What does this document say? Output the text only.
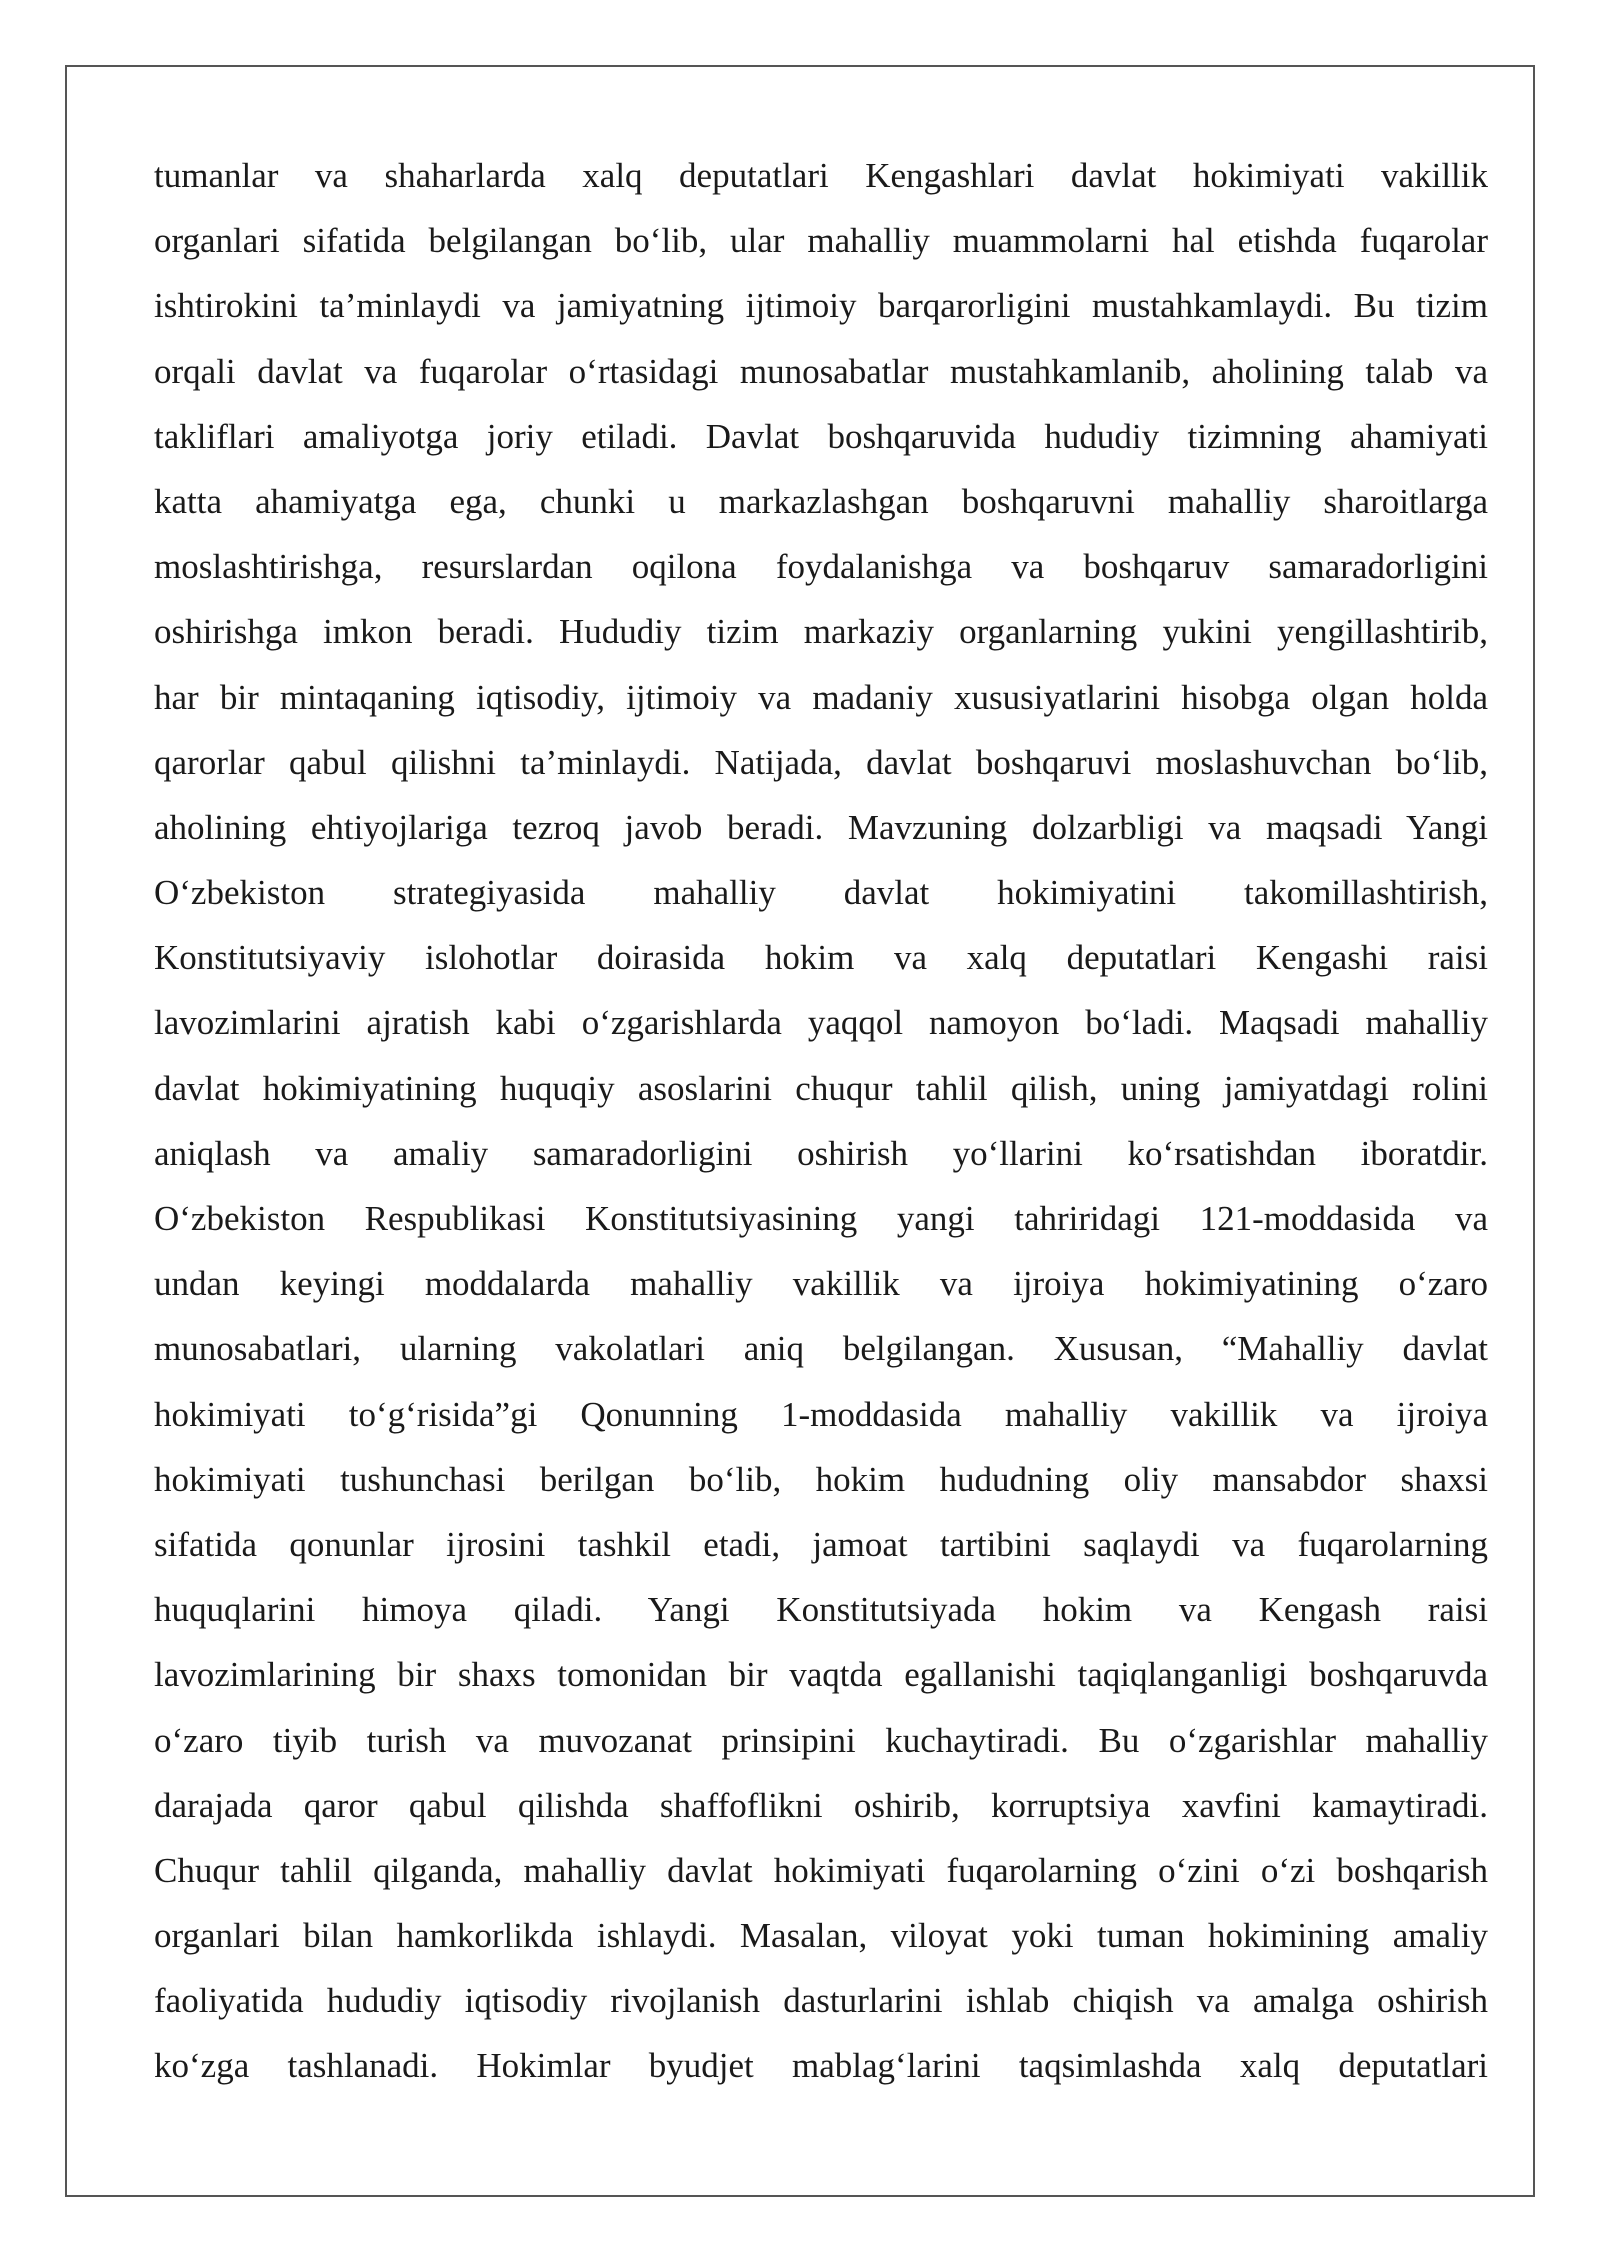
tumanlar va shaharlarda xalq deputatlari Kengashlari davlat hokimiyati vakillik
organlari sifatida belgilangan bo‘lib, ular mahalliy muammolarni hal etishda fuqarolar
ishtirokini ta’minlaydi va jamiyatning ijtimoiy barqarorligini mustahkamlaydi. Bu tizim
orqali davlat va fuqarolar o‘rtasidagi munosabatlar mustahkamlanib, aholining talab va
takliflari amaliyotga joriy etiladi. Davlat boshqaruvida hududiy tizimning ahamiyati
katta ahamiyatga ega, chunki u markazlashgan boshqaruvni mahalliy sharoitlarga
moslashtirishga, resurslardan oqilona foydalanishga va boshqaruv samaradorligini
oshirishga imkon beradi. Hududiy tizim markaziy organlarning yukini yengillashtirib,
har bir mintaqaning iqtisodiy, ijtimoiy va madaniy xususiyatlarini hisobga olgan holda
qarorlar qabul qilishni ta’minlaydi. Natijada, davlat boshqaruvi moslashuvchan bo‘lib,
aholining ehtiyojlariga tezroq javob beradi. Mavzuning dolzarbligi va maqsadi Yangi
O‘zbekiston strategiyasida mahalliy davlat hokimiyatini takomillashtirish,
Konstitutsiyaviy islohotlar doirasida hokim va xalq deputatlari Kengashi raisi
lavozimlarini ajratish kabi o‘zgarishlarda yaqqol namoyon bo‘ladi. Maqsadi mahalliy
davlat hokimiyatining huquqiy asoslarini chuqur tahlil qilish, uning jamiyatdagi rolini
aniqlash va amaliy samaradorligini oshirish yo‘llarini ko‘rsatishdan iboratdir.
O‘zbekiston Respublikasi Konstitutsiyasining yangi tahriridagi 121-moddasida va
undan keyingi moddalarda mahalliy vakillik va ijroiya hokimiyatining o‘zaro
munosabatlari, ularning vakolatlari aniq belgilangan. Xususan, “Mahalliy davlat
hokimiyati to‘g‘risida”gi Qonunning 1-moddasida mahalliy vakillik va ijroiya
hokimiyati tushunchasi berilgan bo‘lib, hokim hududning oliy mansabdor shaxsi
sifatida qonunlar ijrosini tashkil etadi, jamoat tartibini saqlaydi va fuqarolarning
huquqlarini himoya qiladi. Yangi Konstitutsiyada hokim va Kengash raisi
lavozimlarining bir shaxs tomonidan bir vaqtda egallanishi taqiqlanganligi boshqaruvda
o‘zaro tiyib turish va muvozanat prinsipini kuchaytiradi. Bu o‘zgarishlar mahalliy
darajada qaror qabul qilishda shaffoflikni oshirib, korruptsiya xavfini kamaytiradi.
Chuqur tahlil qilganda, mahalliy davlat hokimiyati fuqarolarning o‘zini o‘zi boshqarish
organlari bilan hamkorlikda ishlaydi. Masalan, viloyat yoki tuman hokimining amaliy
faoliyatida hududiy iqtisodiy rivojlanish dasturlarini ishlab chiqish va amalga oshirish
ko‘zga tashlanadi. Hokimlar byudjet mablag‘larini taqsimlashda xalq deputatlari
